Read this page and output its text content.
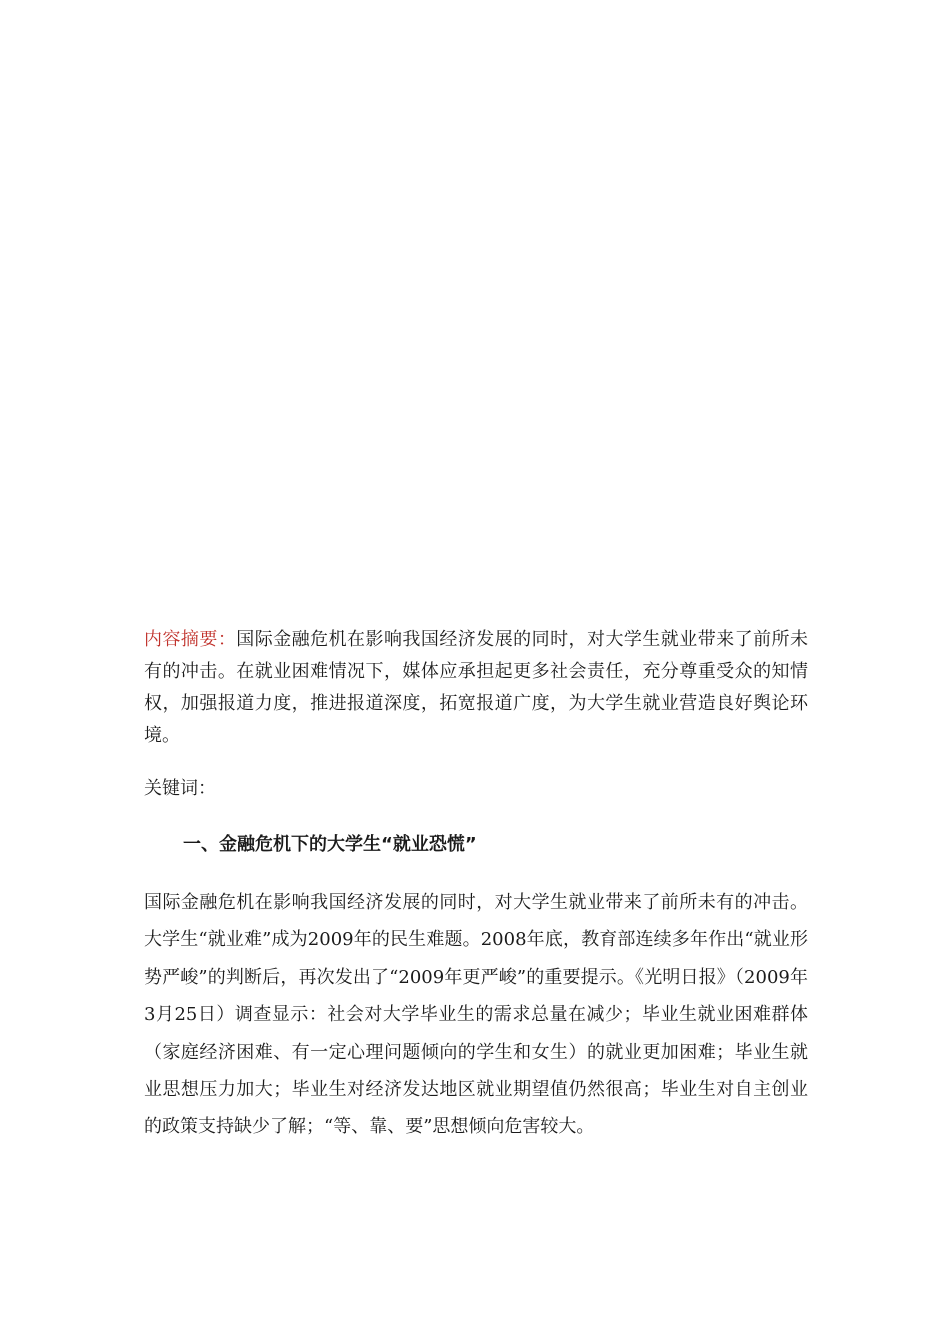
内容摘要：国际金融危机在影响我国经济发展的同时，对大学生就业带来了前所未有的冲击。在就业困难情况下，媒体应承担起更多社会责任，充分尊重受众的知情权，加强报道力度，推进报道深度，拓宽报道广度，为大学生就业营造良好舆论环境。

关键词：

一、金融危机下的大学生“就业恐慌”

国际金融危机在影响我国经济发展的同时，对大学生就业带来了前所未有的冲击。大学生“就业难”成为2009年的民生难题。2008年底，教育部连续多年作出“就业形势严峻”的判断后，再次发出了“2009年更严峻”的重要提示。《光明日报》（2009年3月25日）调查显示：社会对大学毕业生的需求总量在减少；毕业生就业困难群体（家庭经济困难、有一定心理问题倾向的学生和女生）的就业更加困难；毕业生就业思想压力加大；毕业生对经济发达地区就业期望值仍然很高；毕业生对自主创业的政策支持缺少了解；“等、靠、要”思想倾向危害较大。
